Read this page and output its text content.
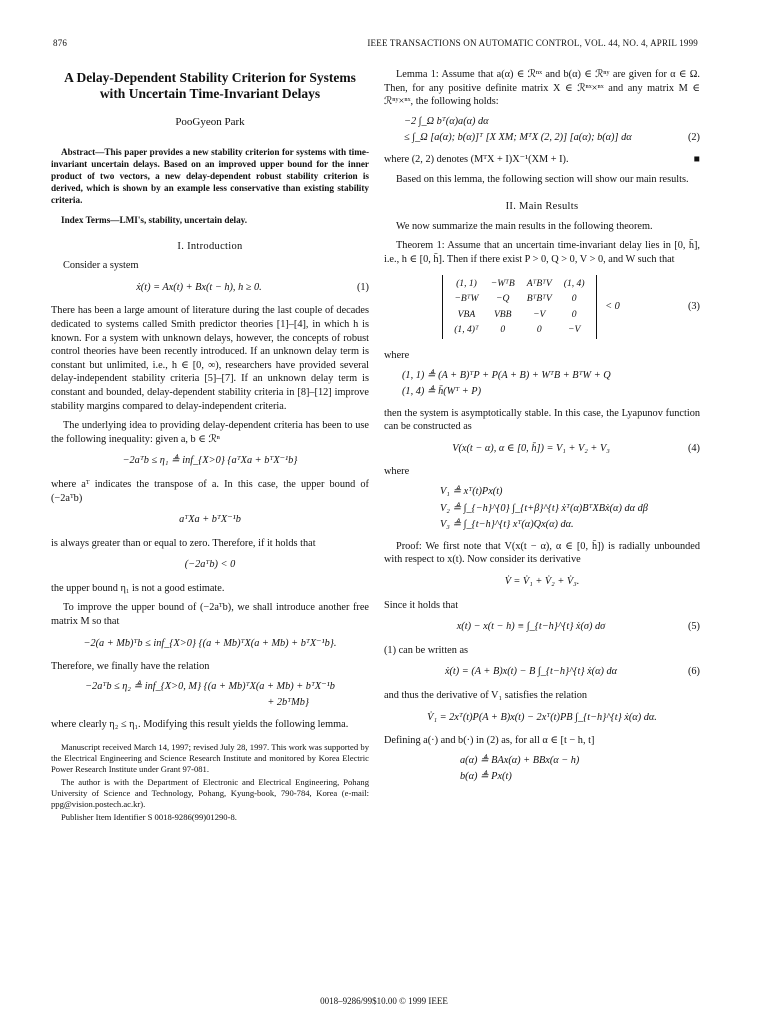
876	IEEE TRANSACTIONS ON AUTOMATIC CONTROL, VOL. 44, NO. 4, APRIL 1999
A Delay-Dependent Stability Criterion for Systems with Uncertain Time-Invariant Delays
PooGyeon Park
Abstract—This paper provides a new stability criterion for systems with time-invariant uncertain delays. Based on an improved upper bound for the inner product of two vectors, a new delay-dependent robust stability criterion is derived, which is shown by an example less conservative than existing stability criteria.
Index Terms—LMI's, stability, uncertain delay.
I. Introduction

Consider a system

ẋ(t) = Ax(t) + Bx(t − h), h ≥ 0.	(1)

There has been a large amount of literature during the last couple of decades dedicated to systems called Smith predictor theories [1]–[4], in which h is known. For a system with unknown delays, however, the concepts of robust control theories have been recently introduced. If an unknown delay term is constant but unlimited, i.e., h ∈ [0, ∞), researchers have provided several delay-independent stability criteria [5]–[7]. If an unknown delay term is constant and bounded, delay-dependent stability criteria in [8]–[12] improve stability margins compared to delay-independent criteria.

The underlying idea to providing delay-dependent criteria has been to use the following inequality: given a, b ∈ ℛⁿ

−2aᵀb ≤ η₁ ≜ inf_{X>0} {aᵀXa + bᵀX⁻¹b}

where aᵀ indicates the transpose of a. In this case, the upper bound of (−2aᵀb)

aᵀXa + bᵀX⁻¹b

is always greater than or equal to zero. Therefore, if it holds that

(−2aᵀb) < 0

the upper bound η₁ is not a good estimate.

To improve the upper bound of (−2aᵀb), we shall introduce another free matrix M so that

−2(a + Mb)ᵀb ≤ inf_{X>0} {(a + Mb)ᵀX(a + Mb) + bᵀX⁻¹b}.

Therefore, we finally have the relation

−2aᵀb ≤ η₂ ≜ inf_{X>0, M} {(a + Mb)ᵀX(a + Mb) + bᵀX⁻¹b
+ 2bᵀMb}

where clearly η₂ ≤ η₁. Modifying this result yields the following lemma.

Manuscript received March 14, 1997; revised July 28, 1997. This work was supported by the Electrical Engineering and Science Research Institute and monitored by Korea Electric Power Research Institute under Grant 97-081.

The author is with the Department of Electronic and Electrical Engineering, Pohang University of Science and Technology, Pohang, Kyung-book, 790-784, Korea (e-mail: ppg@vision.postech.ac.kr).

Publisher Item Identifier S 0018-9286(99)01290-8.

Lemma 1: Assume that a(α) ∈ ℛⁿˣ and b(α) ∈ ℛⁿʸ are given for α ∈ Ω. Then, for any positive definite matrix X ∈ ℛⁿˣ×ⁿˣ and any matrix M ∈ ℛⁿʸ×ⁿˣ, the following holds:

−2 ∫_Ω bᵀ(α)a(α) dα
≤ ∫_Ω [a(α); b(α)]ᵀ [X XM; MᵀX (2, 2)] [a(α); b(α)] dα	(2)

where (2, 2) denotes (MᵀX + I)X⁻¹(XM + I).	■

Based on this lemma, the following section will show our main results.

II. Main Results

We now summarize the main results in the following theorem.

Theorem 1: Assume that an uncertain time-invariant delay lies in [0, h̄], i.e., h ∈ [0, h̄]. Then if there exist P > 0, Q > 0, V > 0, and W such that

(1, 1)	−WᵀB	AᵀBᵀV	(1, 4)
−BᵀW	−Q	BᵀBᵀV	0
VBA	VBB	−V	0
(1, 4)ᵀ	0	0	−V
< 0	(3)

where

(1, 1) ≜ (A + B)ᵀP + P(A + B) + WᵀB + BᵀW + Q
(1, 4) ≜ h̄(Wᵀ + P)

then the system is asymptotically stable. In this case, the Lyapunov function can be constructed as

V(x(t − α), α ∈ [0, h̄]) = V₁ + V₂ + V₃	(4)

where

V₁ ≜ xᵀ(t)Px(t)
V₂ ≜ ∫_{−h}^{0} ∫_{t+β}^{t} ẋᵀ(α)BᵀXBẋ(α) dα dβ
V₃ ≜ ∫_{t−h}^{t} xᵀ(α)Qx(α) dα.

Proof: We first note that V(x(t − α), α ∈ [0, h̄]) is radially unbounded with respect to x(t). Now consider its derivative

V̇ = V̇₁ + V̇₂ + V̇₃.

Since it holds that

x(t) − x(t − h) ≡ ∫_{t−h}^{t} ẋ(σ) dσ	(5)

(1) can be written as

ẋ(t) = (A + B)x(t) − B ∫_{t−h}^{t} ẋ(α) dα	(6)

and thus the derivative of V₁ satisfies the relation

V̇₁ = 2xᵀ(t)P(A + B)x(t) − 2xᵀ(t)PB ∫_{t−h}^{t} ẋ(α) dα.

Defining a(·) and b(·) in (2) as, for all α ∈ [t − h, t]

a(α) ≜ BAx(α) + BBx(α − h)
b(α) ≜ Px(t)
0018–9286/99$10.00 © 1999 IEEE
